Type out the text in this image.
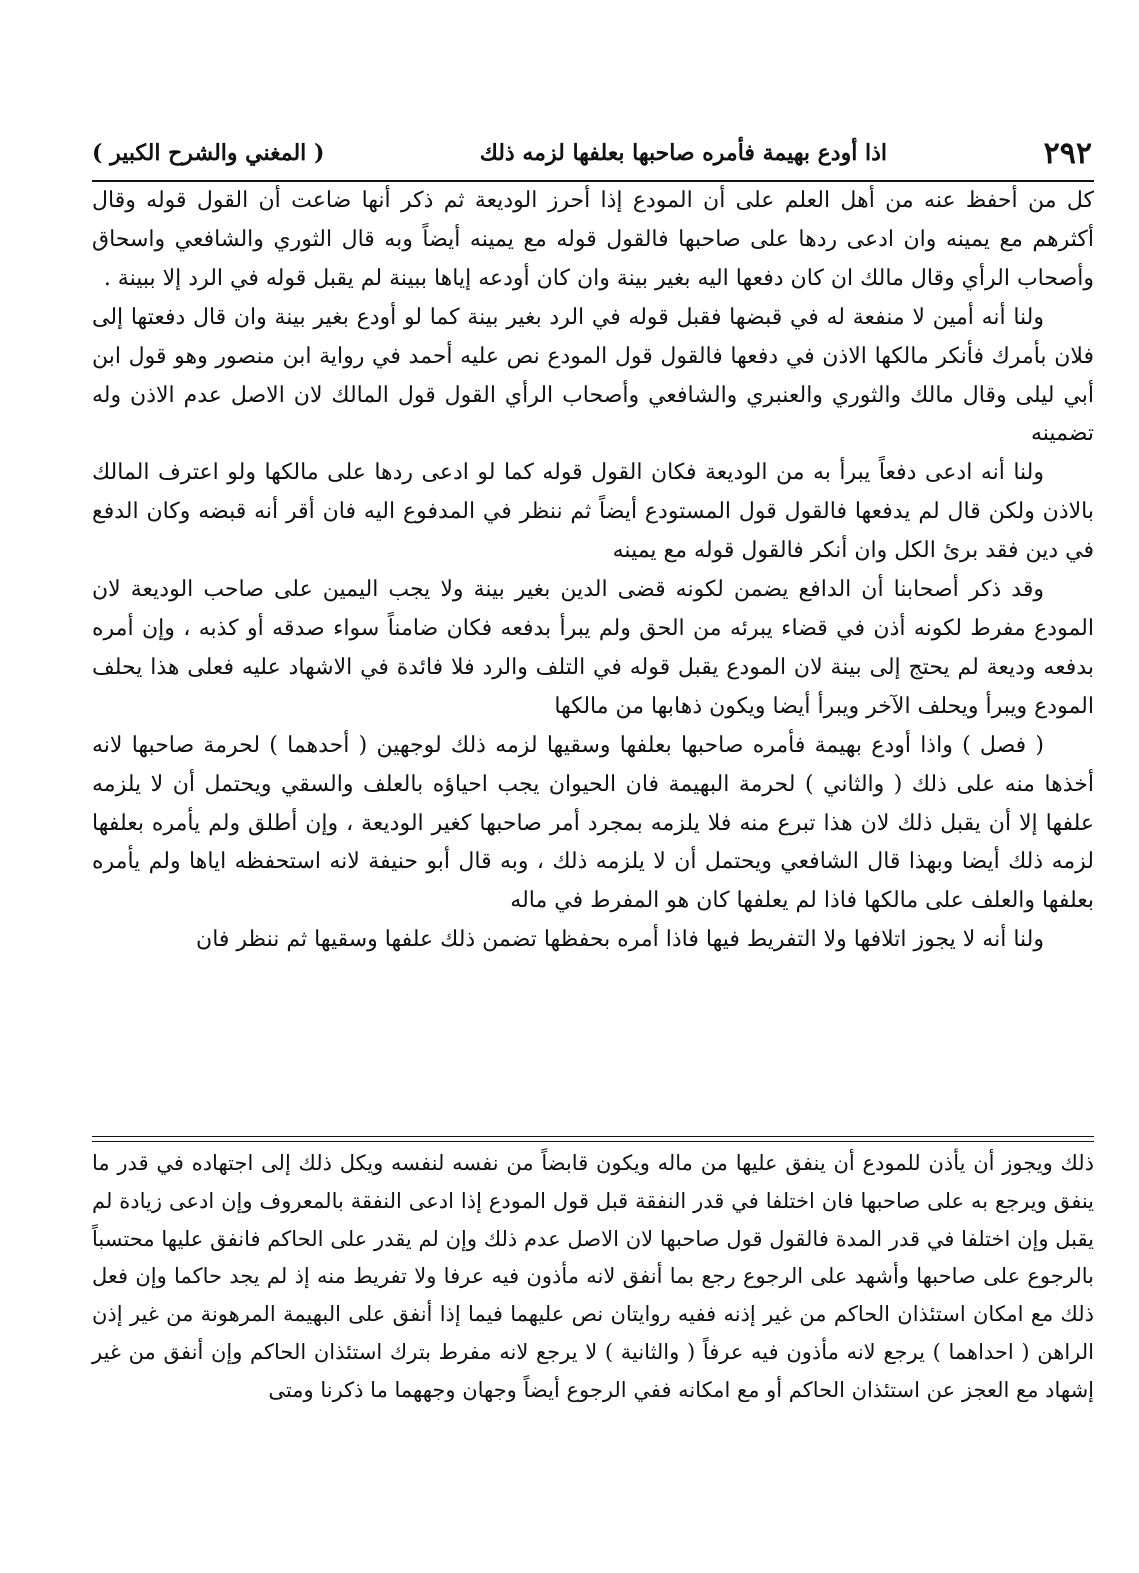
٢٩٢
اذا أودع بهيمة فأمره صاحبها بعلفها لزمه ذلك
( المغني والشرح الكبير )

كل من أحفظ عنه من أهل العلم على أن المودع إذا أحرز الوديعة ثم ذكر أنها ضاعت أن القول قوله وقال أكثرهم مع يمينه وان ادعى ردها على صاحبها فالقول قوله مع يمينه أيضاً وبه قال الثوري والشافعي واسحاق وأصحاب الرأي وقال مالك ان كان دفعها اليه بغير بينة وان كان أودعه إياها ببينة لم يقبل قوله في الرد إلا ببينة .

ولنا أنه أمين لا منفعة له في قبضها فقبل قوله في الرد بغير بينة كما لو أودع بغير بينة وان قال دفعتها إلى فلان بأمرك فأنكر مالكها الاذن في دفعها فالقول قول المودع نص عليه أحمد في رواية ابن منصور وهو قول ابن أبي ليلى وقال مالك والثوري والعنبري والشافعي وأصحاب الرأي القول قول المالك لان الاصل عدم الاذن وله تضمينه

ولنا أنه ادعى دفعاً يبرأ به من الوديعة فكان القول قوله كما لو ادعى ردها على مالكها ولو اعترف المالك بالاذن ولكن قال لم يدفعها فالقول قول المستودع أيضاً ثم ننظر في المدفوع اليه فان أقر أنه قبضه وكان الدفع في دين فقد برئ الكل وان أنكر فالقول قوله مع يمينه

وقد ذكر أصحابنا أن الدافع يضمن لكونه قضى الدين بغير بينة ولا يجب اليمين على صاحب الوديعة لان المودع مفرط لكونه أذن في قضاء يبرئه من الحق ولم يبرأ بدفعه فكان ضامناً سواء صدقه أو كذبه ، وإن أمره بدفعه وديعة لم يحتج إلى بينة لان المودع يقبل قوله في التلف والرد فلا فائدة في الاشهاد عليه فعلى هذا يحلف المودع ويبرأ ويحلف الآخر ويبرأ أيضا ويكون ذهابها من مالكها

( فصل ) واذا أودع بهيمة فأمره صاحبها بعلفها وسقيها لزمه ذلك لوجهين ( أحدهما ) لحرمة صاحبها لانه أخذها منه على ذلك ( والثاني ) لحرمة البهيمة فان الحيوان يجب احياؤه بالعلف والسقي ويحتمل أن لا يلزمه علفها إلا أن يقبل ذلك لان هذا تبرع منه فلا يلزمه بمجرد أمر صاحبها كغير الوديعة ، وإن أطلق ولم يأمره بعلفها لزمه ذلك أيضا وبهذا قال الشافعي ويحتمل أن لا يلزمه ذلك ، وبه قال أبو حنيفة لانه استحفظه اياها ولم يأمره بعلفها والعلف على مالكها فاذا لم يعلفها كان هو المفرط في ماله

ولنا أنه لا يجوز اتلافها ولا التفريط فيها فاذا أمره بحفظها تضمن ذلك علفها وسقيها ثم ننظر فان

ذلك ويجوز أن يأذن للمودع أن ينفق عليها من ماله ويكون قابضاً من نفسه لنفسه ويكل ذلك إلى اجتهاده في قدر ما ينفق ويرجع به على صاحبها فان اختلفا في قدر النفقة قبل قول المودع إذا ادعى النفقة بالمعروف وإن ادعى زيادة لم يقبل وإن اختلفا في قدر المدة فالقول قول صاحبها لان الاصل عدم ذلك وإن لم يقدر على الحاكم فانفق عليها محتسباً بالرجوع على صاحبها وأشهد على الرجوع رجع بما أنفق لانه مأذون فيه عرفا ولا تفريط منه إذ لم يجد حاكما وإن فعل ذلك مع امكان استئذان الحاكم من غير إذنه ففيه روايتان نص عليهما فيما إذا أنفق على البهيمة المرهونة من غير إذن الراهن ( احداهما ) يرجع لانه مأذون فيه عرفاً ( والثانية ) لا يرجع لانه مفرط بترك استئذان الحاكم وإن أنفق من غير إشهاد مع العجز عن استئذان الحاكم أو مع امكانه ففي الرجوع أيضاً وجهان وجههما ما ذكرنا ومتى
